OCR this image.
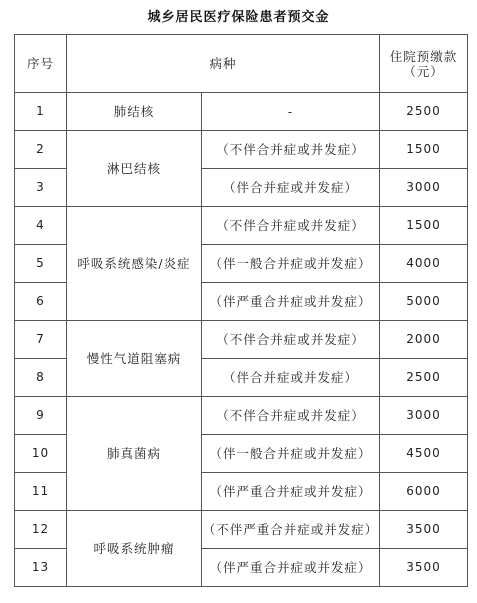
城乡居民医疗保险患者预交金
序号	病种		住院预缴款
（元）

1	肺结核	-	2500
2	淋巴结核	（不伴合并症或并发症）	1500
3		（伴合并症或并发症）	3000
4	呼吸系统感染/炎症	（不伴合并症或并发症）	1500
5		（伴一般合并症或并发症）	4000
6		（伴严重合并症或并发症）	5000
7	慢性气道阻塞病	（不伴合并症或并发症）	2000
8		（伴合并症或并发症）	2500
9	肺真菌病	（不伴合并症或并发症）	3000
10		（伴一般合并症或并发症）	4500
11		（伴严重合并症或并发症）	6000
12	呼吸系统肿瘤	（不伴严重合并症或并发症）	3500
13		（伴严重合并症或并发症）	3500
